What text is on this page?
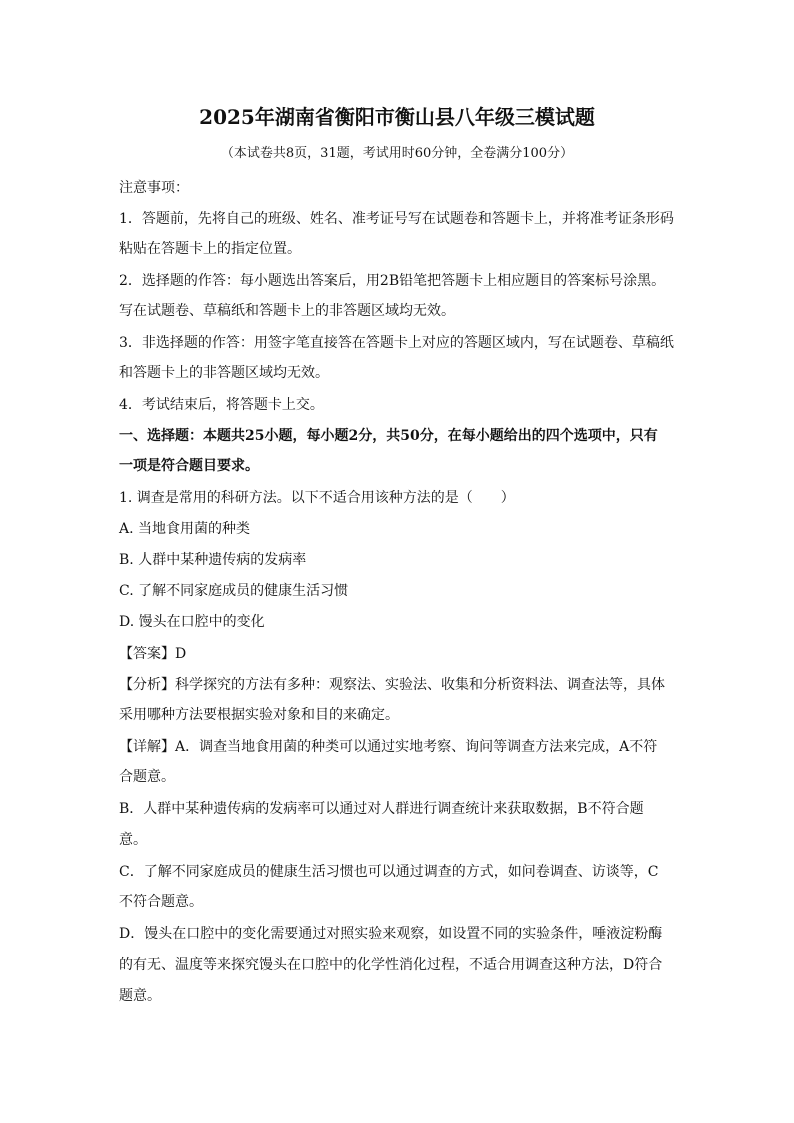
2025年湖南省衡阳市衡山县八年级三模试题
（本试卷共8页，31题，考试用时60分钟，全卷满分100分）
注意事项：
1．答题前，先将自己的班级、姓名、准考证号写在试题卷和答题卡上，并将准考证条形码
粘贴在答题卡上的指定位置。
2．选择题的作答：每小题选出答案后，用2B铅笔把答题卡上相应题目的答案标号涂黑。
写在试题卷、草稿纸和答题卡上的非答题区域均无效。
3．非选择题的作答：用签字笔直接答在答题卡上对应的答题区域内，写在试题卷、草稿纸
和答题卡上的非答题区域均无效。
4．考试结束后，将答题卡上交。
一、选择题：本题共25小题，每小题2分，共50分，在每小题给出的四个选项中，只有
一项是符合题目要求。
1. 调查是常用的科研方法。以下不适合用该种方法的是（　　）
A. 当地食用菌的种类
B. 人群中某种遗传病的发病率
C. 了解不同家庭成员的健康生活习惯
D. 馒头在口腔中的变化
【答案】D
【分析】科学探究的方法有多种：观察法、实验法、收集和分析资料法、调查法等，具体
采用哪种方法要根据实验对象和目的来确定。
【详解】A．调查当地食用菌的种类可以通过实地考察、询问等调查方法来完成，A不符
合题意。
B．人群中某种遗传病的发病率可以通过对人群进行调查统计来获取数据，B不符合题
意。
C．了解不同家庭成员的健康生活习惯也可以通过调查的方式，如问卷调查、访谈等，C
不符合题意。
D．馒头在口腔中的变化需要通过对照实验来观察，如设置不同的实验条件，唾液淀粉酶
的有无、温度等来探究馒头在口腔中的化学性消化过程，不适合用调查这种方法，D符合
题意。
